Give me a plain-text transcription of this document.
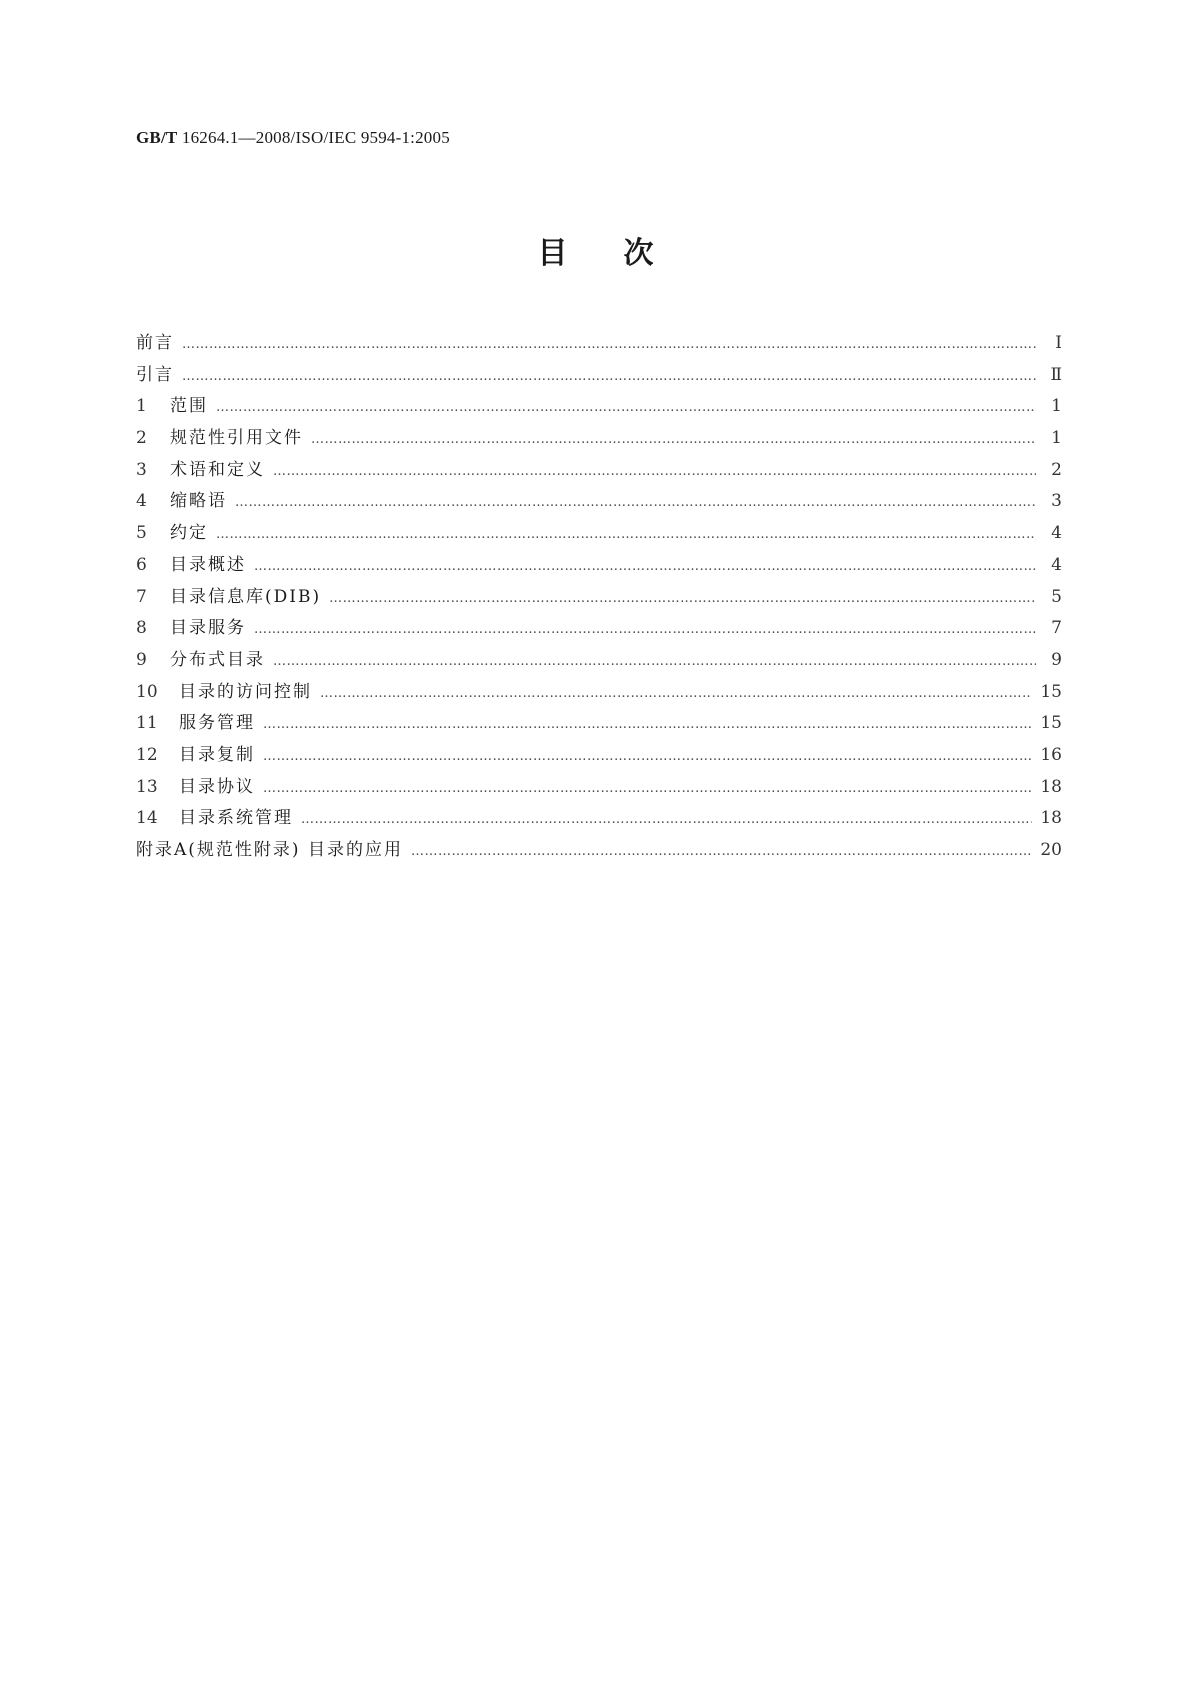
GB/T 16264.1—2008/ISO/IEC 9594-1:2005
目次
前言 ……………………………………………………………………………………………………………………………………………………………………………………………………………………	Ⅰ
引言 ……………………………………………………………………………………………………………………………………………………………………………………………………………………	Ⅱ
1	范围 ……………………………………………………………………………………………………………………………………………………………………………………………………………………	1
2	规范性引用文件 ……………………………………………………………………………………………………………………………………………………………………………………………………………………	1
3	术语和定义 ……………………………………………………………………………………………………………………………………………………………………………………………………………………	2
4	缩略语 ……………………………………………………………………………………………………………………………………………………………………………………………………………………	3
5	约定 ……………………………………………………………………………………………………………………………………………………………………………………………………………………	4
6	目录概述 ……………………………………………………………………………………………………………………………………………………………………………………………………………………	4
7	目录信息库(DIB) ……………………………………………………………………………………………………………………………………………………………………………………………………………………	5
8	目录服务 ……………………………………………………………………………………………………………………………………………………………………………………………………………………	7
9	分布式目录 ……………………………………………………………………………………………………………………………………………………………………………………………………………………	9
10	目录的访问控制 ……………………………………………………………………………………………………………………………………………………………………………………………………………………	15
11	服务管理 ……………………………………………………………………………………………………………………………………………………………………………………………………………………	15
12	目录复制 ……………………………………………………………………………………………………………………………………………………………………………………………………………………	16
13	目录协议 ……………………………………………………………………………………………………………………………………………………………………………………………………………………	18
14	目录系统管理 ……………………………………………………………………………………………………………………………………………………………………………………………………………………	18
附录A(规范性附录) 目录的应用 ……………………………………………………………………………………………………………………………………………………………………………………………………………………	20
